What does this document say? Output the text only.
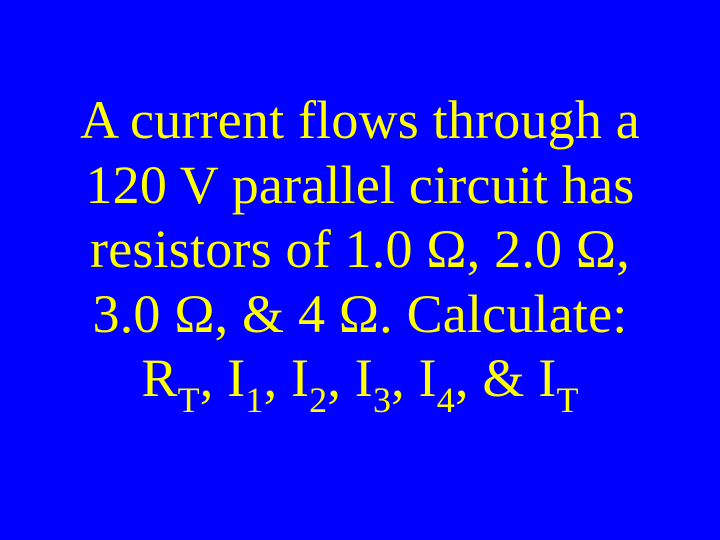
A current flows through a
120 V parallel circuit has
resistors of 1.0 Ω, 2.0 Ω,
3.0 Ω, & 4 Ω. Calculate:
$R_T$, $I_1$, $I_2$, $I_3$, $I_4$, & $I_T$
